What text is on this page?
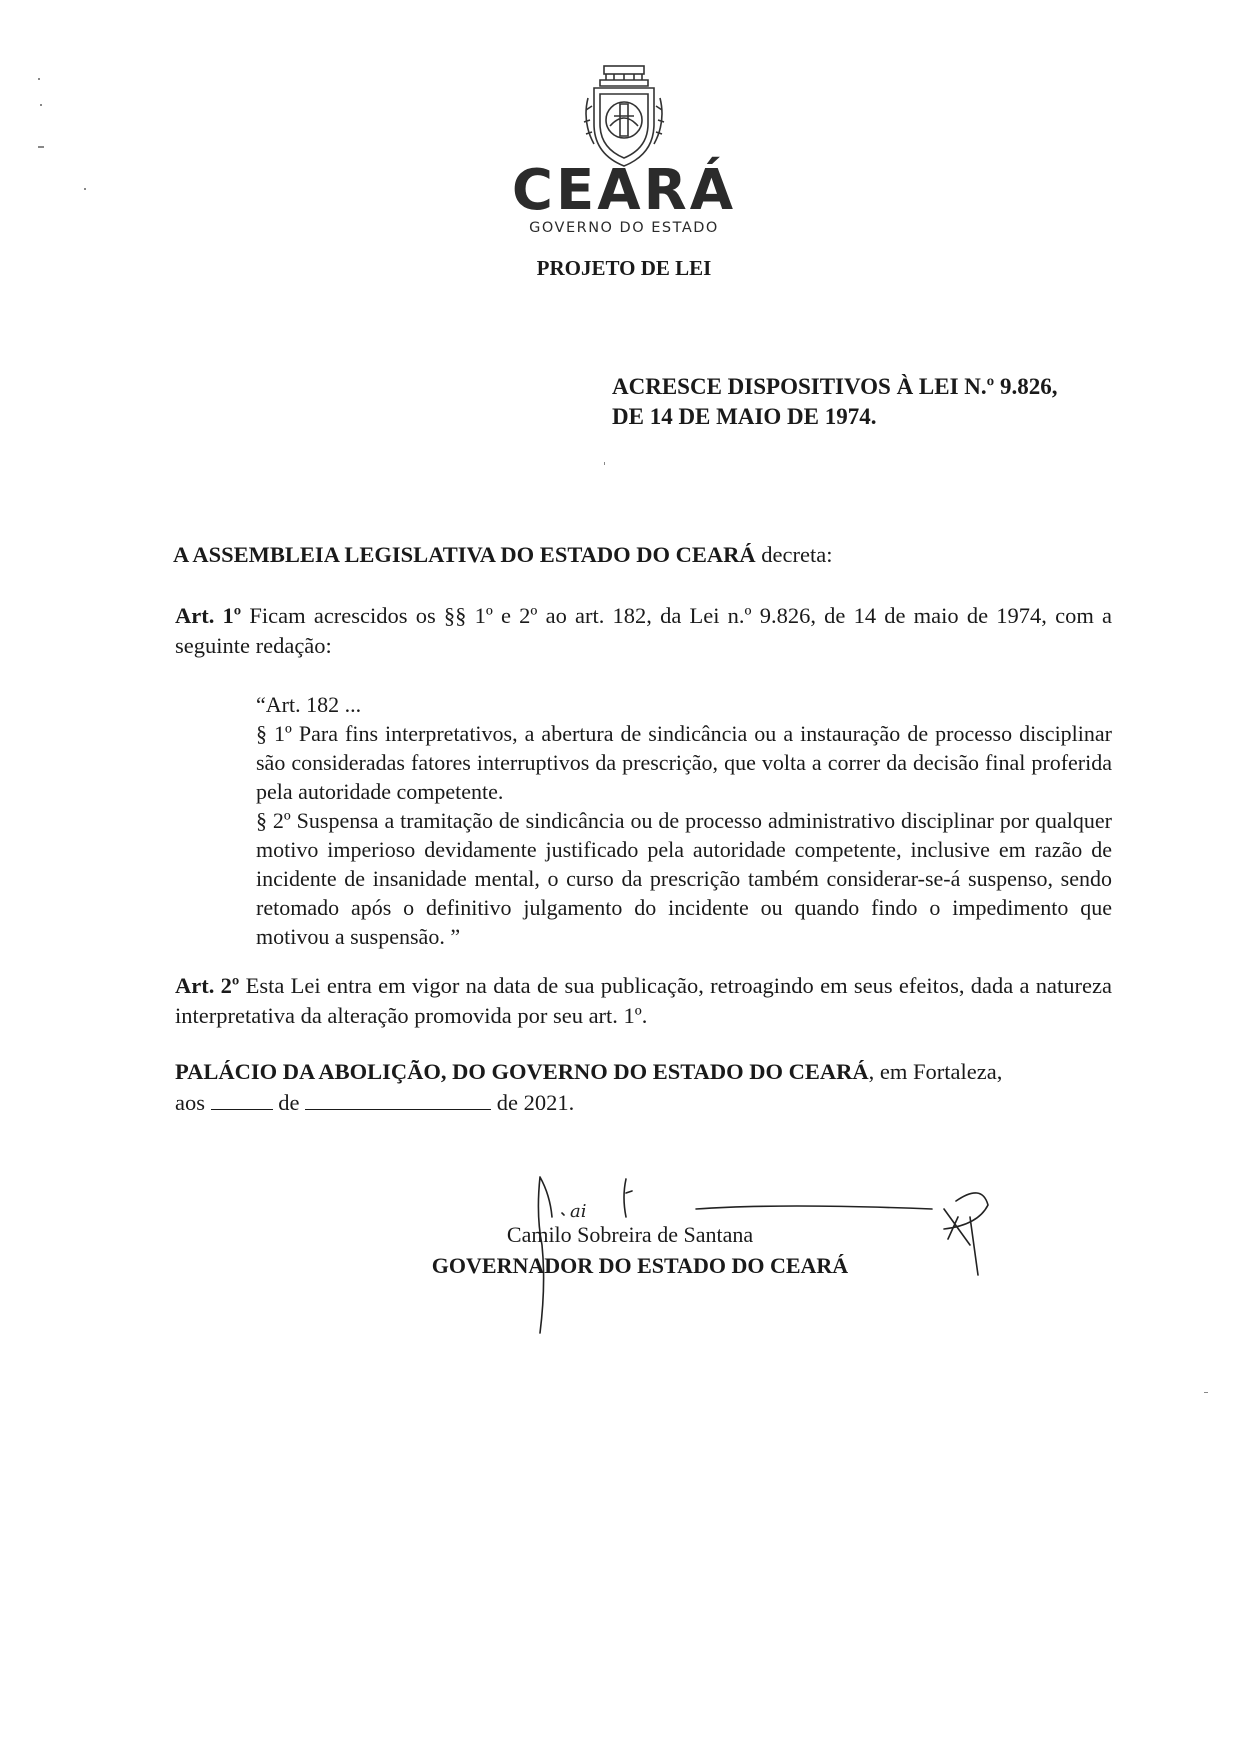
CEARÁ
GOVERNO DO ESTADO
PROJETO DE LEI
ACRESCE DISPOSITIVOS À LEI N.º 9.826,
DE 14 DE MAIO DE 1974.
A ASSEMBLEIA LEGISLATIVA DO ESTADO DO CEARÁ decreta:
Art. 1º Ficam acrescidos os §§ 1º e 2º ao art. 182, da Lei n.º 9.826, de 14 de maio de 1974, com a seguinte redação:
“Art. 182 ...
§ 1º Para fins interpretativos, a abertura de sindicância ou a instauração de processo disciplinar são consideradas fatores interruptivos da prescrição, que volta a correr da decisão final proferida pela autoridade competente.
§ 2º Suspensa a tramitação de sindicância ou de processo administrativo disciplinar por qualquer motivo imperioso devidamente justificado pela autoridade competente, inclusive em razão de incidente de insanidade mental, o curso da prescrição também considerar-se-á suspenso, sendo retomado após o definitivo julgamento do incidente ou quando findo o impedimento que motivou a suspensão. ”
Art. 2º Esta Lei entra em vigor na data de sua publicação, retroagindo em seus efeitos, dada a natureza interpretativa da alteração promovida por seu art. 1º.
PALÁCIO DA ABOLIÇÃO, DO GOVERNO DO ESTADO DO CEARÁ, em Fortaleza,
aos	de	de 2021.
ai
Camilo Sobreira de Santana
GOVERNADOR DO ESTADO DO CEARÁ
